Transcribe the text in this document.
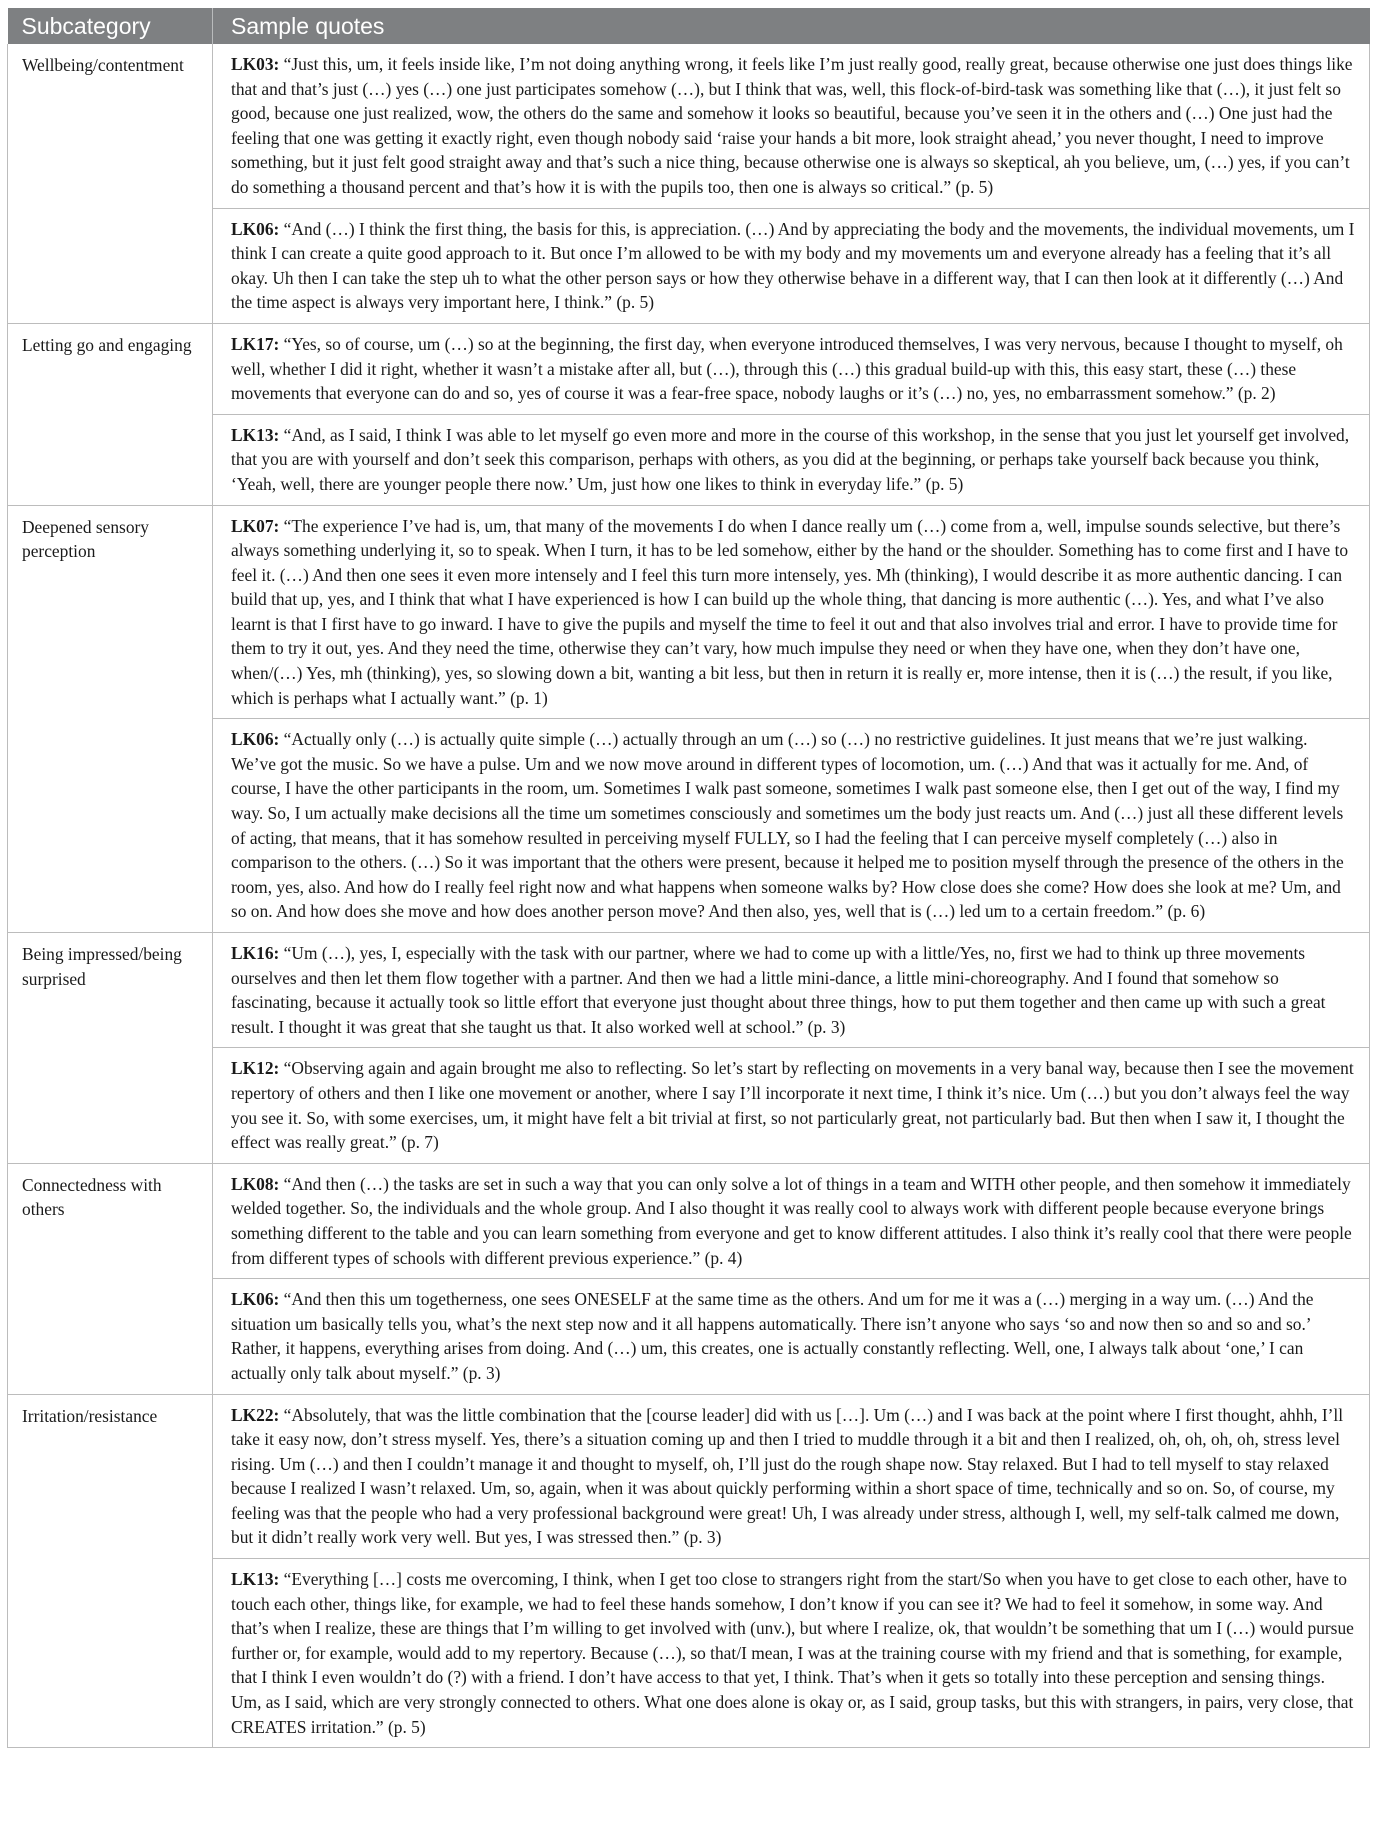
Subcategory	Sample quotes
Wellbeing/contentment	LK03: “Just this, um, it feels inside like, I’m not doing anything wrong, it feels like I’m just really good, really great, because otherwise one just does things like that and that’s just (…) yes (…) one just participates somehow (…), but I think that was, well, this flock-of-bird-task was something like that (…), it just felt so good, because one just realized, wow, the others do the same and somehow it looks so beautiful, because you’ve seen it in the others and (…) One just had the feeling that one was getting it exactly right, even though nobody said ‘raise your hands a bit more, look straight ahead,’ you never thought, I need to improve something, but it just felt good straight away and that’s such a nice thing, because otherwise one is always so skeptical, ah you believe, um, (…) yes, if you can’t do something a thousand percent and that’s how it is with the pupils too, then one is always so critical.” (p. 5)
	LK06: “And (…) I think the first thing, the basis for this, is appreciation. (…) And by appreciating the body and the movements, the individual movements, um I think I can create a quite good approach to it. But once I’m allowed to be with my body and my movements um and everyone already has a feeling that it’s all okay. Uh then I can take the step uh to what the other person says or how they otherwise behave in a different way, that I can then look at it differently (…) And the time aspect is always very important here, I think.” (p. 5)
Letting go and engaging	LK17: “Yes, so of course, um (…) so at the beginning, the first day, when everyone introduced themselves, I was very nervous, because I thought to myself, oh well, whether I did it right, whether it wasn’t a mistake after all, but (…), through this (…) this gradual build-up with this, this easy start, these (…) these movements that everyone can do and so, yes of course it was a fear-free space, nobody laughs or it’s (…) no, yes, no embarrassment somehow.” (p. 2)
	LK13: “And, as I said, I think I was able to let myself go even more and more in the course of this workshop, in the sense that you just let yourself get involved, that you are with yourself and don’t seek this comparison, perhaps with others, as you did at the beginning, or perhaps take yourself back because you think, ‘Yeah, well, there are younger people there now.’ Um, just how one likes to think in everyday life.” (p. 5)
Deepened sensory perception	LK07: “The experience I’ve had is, um, that many of the movements I do when I dance really um (…) come from a, well, impulse sounds selective, but there’s always something underlying it, so to speak. When I turn, it has to be led somehow, either by the hand or the shoulder. Something has to come first and I have to feel it. (…) And then one sees it even more intensely and I feel this turn more intensely, yes. Mh (thinking), I would describe it as more authentic dancing. I can build that up, yes, and I think that what I have experienced is how I can build up the whole thing, that dancing is more authentic (…). Yes, and what I’ve also learnt is that I first have to go inward. I have to give the pupils and myself the time to feel it out and that also involves trial and error. I have to provide time for them to try it out, yes. And they need the time, otherwise they can’t vary, how much impulse they need or when they have one, when they don’t have one, when/(…) Yes, mh (thinking), yes, so slowing down a bit, wanting a bit less, but then in return it is really er, more intense, then it is (…) the result, if you like, which is perhaps what I actually want.” (p. 1)
	LK06: “Actually only (…) is actually quite simple (…) actually through an um (…) so (…) no restrictive guidelines. It just means that we’re just walking. We’ve got the music. So we have a pulse. Um and we now move around in different types of locomotion, um. (…) And that was it actually for me. And, of course, I have the other participants in the room, um. Sometimes I walk past someone, sometimes I walk past someone else, then I get out of the way, I find my way. So, I um actually make decisions all the time um sometimes consciously and sometimes um the body just reacts um. And (…) just all these different levels of acting, that means, that it has somehow resulted in perceiving myself FULLY, so I had the feeling that I can perceive myself completely (…) also in comparison to the others. (…) So it was important that the others were present, because it helped me to position myself through the presence of the others in the room, yes, also. And how do I really feel right now and what happens when someone walks by? How close does she come? How does she look at me? Um, and so on. And how does she move and how does another person move? And then also, yes, well that is (…) led um to a certain freedom.” (p. 6)
Being impressed/being surprised	LK16: “Um (…), yes, I, especially with the task with our partner, where we had to come up with a little/Yes, no, first we had to think up three movements ourselves and then let them flow together with a partner. And then we had a little mini-dance, a little mini-choreography. And I found that somehow so fascinating, because it actually took so little effort that everyone just thought about three things, how to put them together and then came up with such a great result. I thought it was great that she taught us that. It also worked well at school.” (p. 3)
	LK12: “Observing again and again brought me also to reflecting. So let’s start by reflecting on movements in a very banal way, because then I see the movement repertory of others and then I like one movement or another, where I say I’ll incorporate it next time, I think it’s nice. Um (…) but you don’t always feel the way you see it. So, with some exercises, um, it might have felt a bit trivial at first, so not particularly great, not particularly bad. But then when I saw it, I thought the effect was really great.” (p. 7)
Connectedness with others	LK08: “And then (…) the tasks are set in such a way that you can only solve a lot of things in a team and WITH other people, and then somehow it immediately welded together. So, the individuals and the whole group. And I also thought it was really cool to always work with different people because everyone brings something different to the table and you can learn something from everyone and get to know different attitudes. I also think it’s really cool that there were people from different types of schools with different previous experience.” (p. 4)
	LK06: “And then this um togetherness, one sees ONESELF at the same time as the others. And um for me it was a (…) merging in a way um. (…) And the situation um basically tells you, what’s the next step now and it all happens automatically. There isn’t anyone who says ‘so and now then so and so and so.’ Rather, it happens, everything arises from doing. And (…) um, this creates, one is actually constantly reflecting. Well, one, I always talk about ‘one,’ I can actually only talk about myself.” (p. 3)
Irritation/resistance	LK22: “Absolutely, that was the little combination that the [course leader] did with us […]. Um (…) and I was back at the point where I first thought, ahhh, I’ll take it easy now, don’t stress myself. Yes, there’s a situation coming up and then I tried to muddle through it a bit and then I realized, oh, oh, oh, oh, stress level rising. Um (…) and then I couldn’t manage it and thought to myself, oh, I’ll just do the rough shape now. Stay relaxed. But I had to tell myself to stay relaxed because I realized I wasn’t relaxed. Um, so, again, when it was about quickly performing within a short space of time, technically and so on. So, of course, my feeling was that the people who had a very professional background were great! Uh, I was already under stress, although I, well, my self-talk calmed me down, but it didn’t really work very well. But yes, I was stressed then.” (p. 3)
	LK13: “Everything […] costs me overcoming, I think, when I get too close to strangers right from the start/So when you have to get close to each other, have to touch each other, things like, for example, we had to feel these hands somehow, I don’t know if you can see it? We had to feel it somehow, in some way. And that’s when I realize, these are things that I’m willing to get involved with (unv.), but where I realize, ok, that wouldn’t be something that um I (…) would pursue further or, for example, would add to my repertory. Because (…), so that/I mean, I was at the training course with my friend and that is something, for example, that I think I even wouldn’t do (?) with a friend. I don’t have access to that yet, I think. That’s when it gets so totally into these perception and sensing things. Um, as I said, which are very strongly connected to others. What one does alone is okay or, as I said, group tasks, but this with strangers, in pairs, very close, that CREATES irritation.” (p. 5)
